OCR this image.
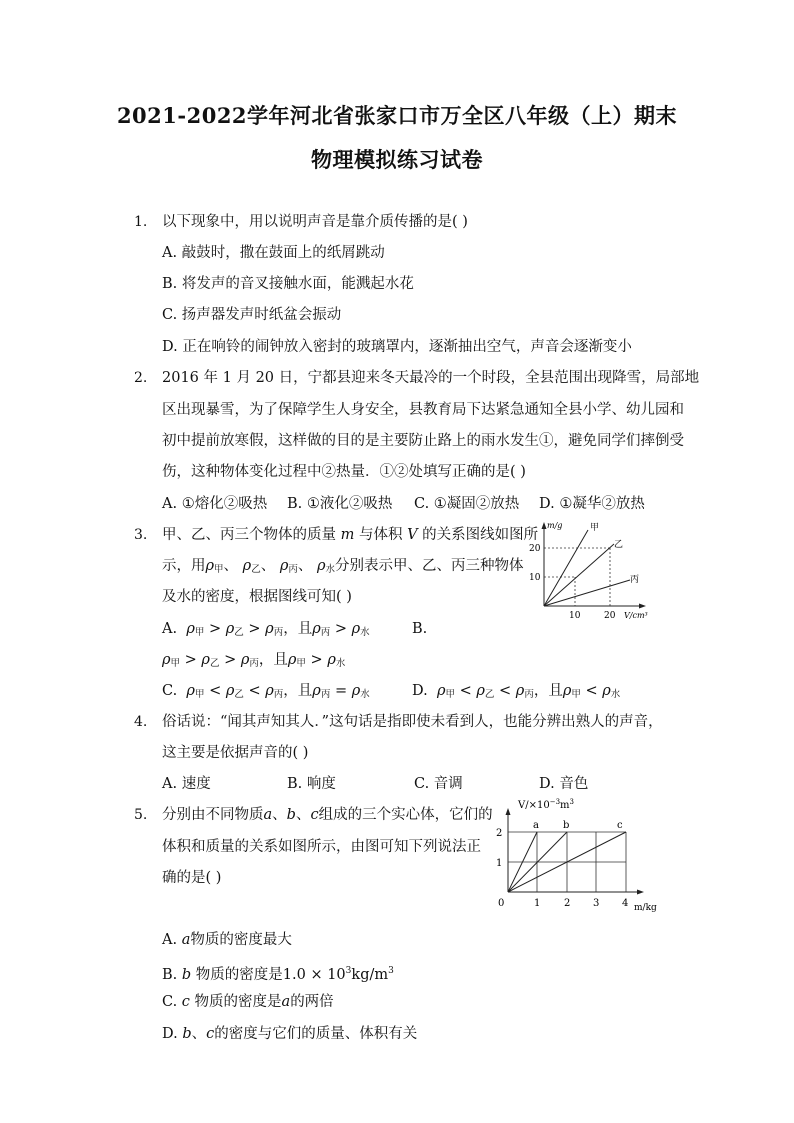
2021-2022学年河北省张家口市万全区八年级（上）期末
物理模拟练习试卷
1. 以下现象中，用以说明声音是靠介质传播的是( )
A. 敲鼓时，撒在鼓面上的纸屑跳动
B. 将发声的音叉接触水面，能溅起水花
C. 扬声器发声时纸盆会振动
D. 正在响铃的闹钟放入密封的玻璃罩内，逐渐抽出空气，声音会逐渐变小
2. 2016 年 1 月 20 日，宁都县迎来冬天最冷的一个时段，全县范围出现降雪，局部地
区出现暴雪，为了保障学生人身安全，县教育局下达紧急通知全县小学、幼儿园和
初中提前放寒假，这样做的目的是主要防止路上的雨水发生①，避免同学们摔倒受
伤，这种物体变化过程中②热量．①②处填写正确的是( )
A. ①熔化②吸热 B. ①液化②吸热 C. ①凝固②放热 D. ①凝华②放热
3. 甲、乙、丙三个物体的质量 m 与体积 V 的关系图线如图所
示，用$\rho_甲$、 $\rho_乙$、 $\rho_丙$、 $\rho_水$分别表示甲、乙、丙三种物体
及水的密度，根据图线可知( )
A. $\rho_甲 > \rho_乙 > \rho_丙$，且$\rho_丙 > \rho_水$	B.
$\rho_甲 > \rho_乙 > \rho_丙$，且$\rho_甲 > \rho_水$
C. $\rho_甲 < \rho_乙 < \rho_丙$，且$\rho_丙 = \rho_水$	D. $\rho_甲 < \rho_乙 < \rho_丙$，且$\rho_甲 < \rho_水$
m/g	甲
乙
丙
20
10
10	20 V/cm³
4. 俗话说：“闻其声知其人．”这句话是指即使未看到人，也能分辨出熟人的声音，
这主要是依据声音的( )
A. 速度	B. 响度	C. 音调	D. 音色
5. 分别由不同物质a、b、c组成的三个实心体，它们的
体积和质量的关系如图所示，由图可知下列说法正
确的是( )
A. a物质的密度最大
B. b 物质的密度是$1.0 \times 10^3kg/m^3$
C. c 物质的密度是a的两倍
D. b、c的密度与它们的质量、体积有关
$V/\times 10^{-3}m^3$
a b	c
2
1
0	1 2 3 4 m/kg
